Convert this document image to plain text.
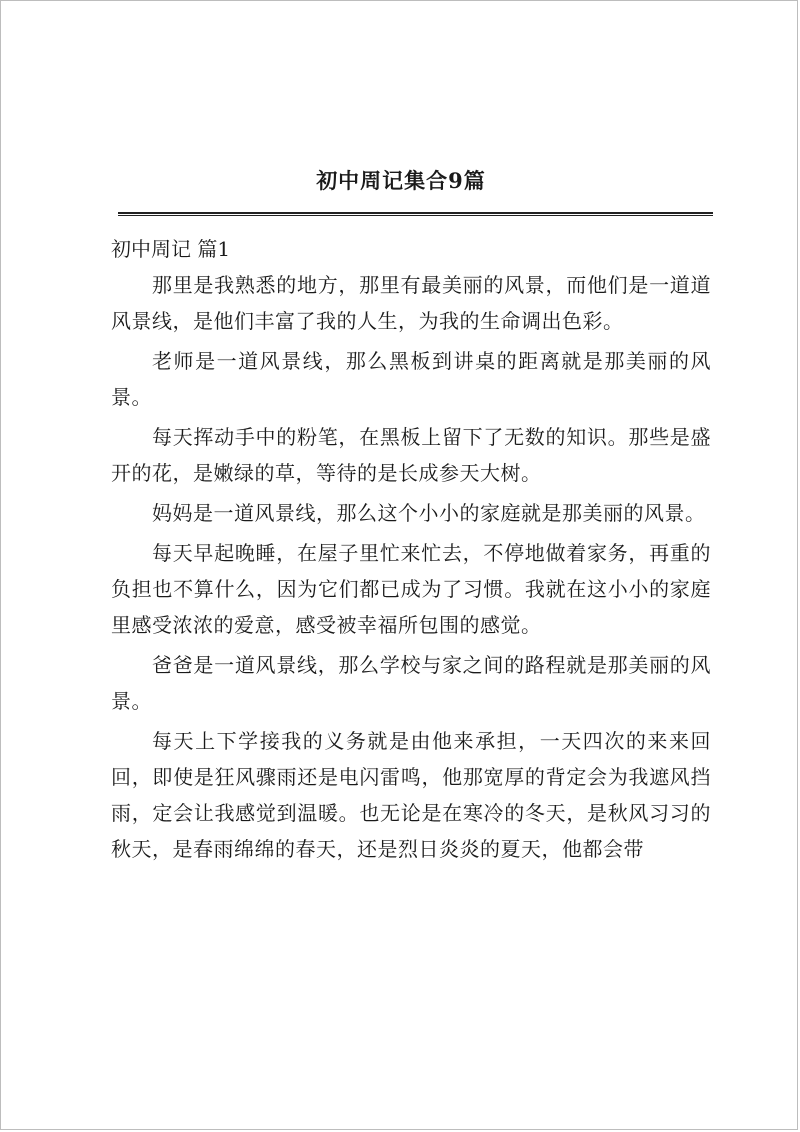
初中周记集合9篇

初中周记 篇1

那里是我熟悉的地方，那里有最美丽的风景，而他们是一道道风景线，是他们丰富了我的人生，为我的生命调出色彩。

老师是一道风景线，那么黑板到讲桌的距离就是那美丽的风景。

每天挥动手中的粉笔，在黑板上留下了无数的知识。那些是盛开的花，是嫩绿的草，等待的是长成参天大树。

妈妈是一道风景线，那么这个小小的家庭就是那美丽的风景。

每天早起晚睡，在屋子里忙来忙去，不停地做着家务，再重的负担也不算什么，因为它们都已成为了习惯。我就在这小小的家庭里感受浓浓的爱意，感受被幸福所包围的感觉。

爸爸是一道风景线，那么学校与家之间的路程就是那美丽的风景。

每天上下学接我的义务就是由他来承担，一天四次的来来回回，即使是狂风骤雨还是电闪雷鸣，他那宽厚的背定会为我遮风挡雨，定会让我感觉到温暖。也无论是在寒冷的冬天，是秋风习习的秋天，是春雨绵绵的春天，还是烈日炎炎的夏天，他都会带
